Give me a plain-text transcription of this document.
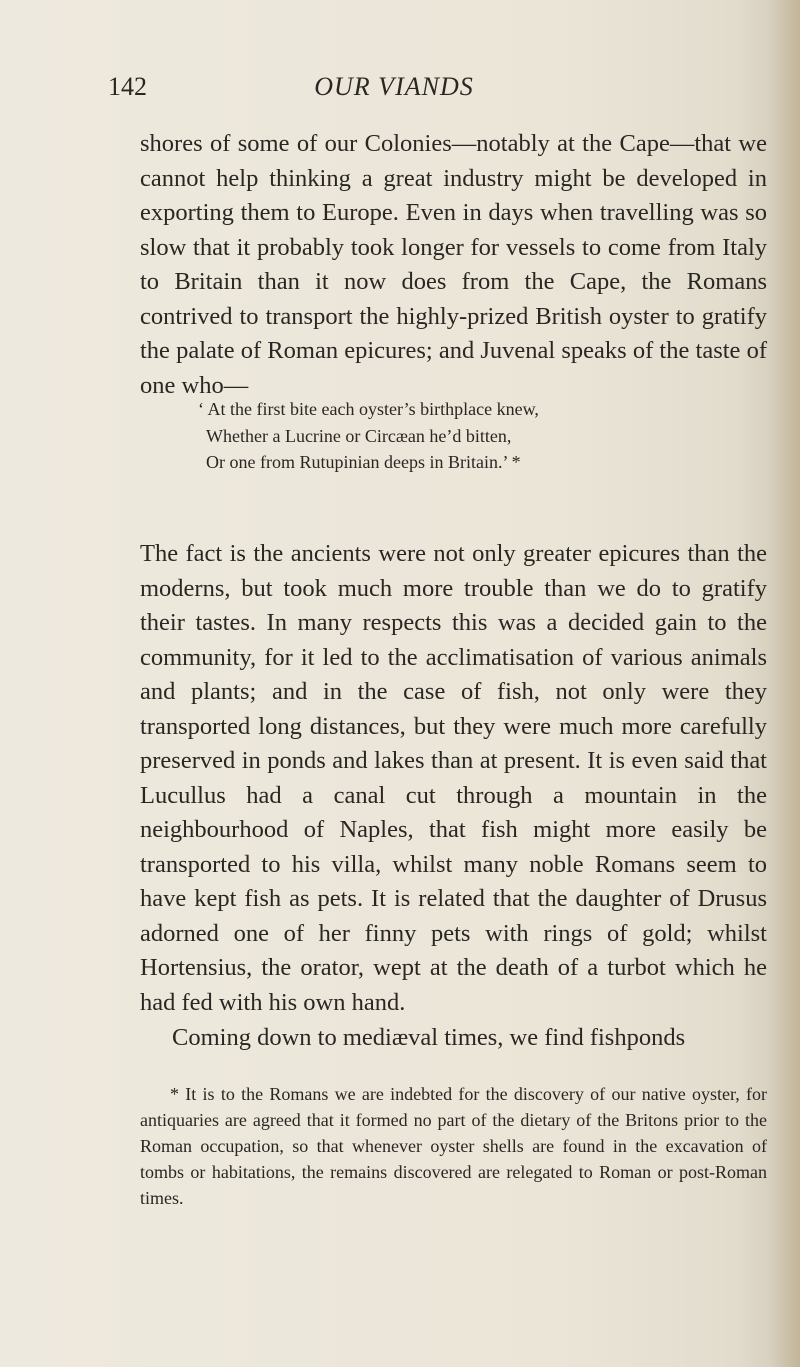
142	OUR VIANDS

shores of some of our Colonies—notably at the Cape—that we cannot help thinking a great industry might be developed in exporting them to Europe. Even in days when travelling was so slow that it probably took longer for vessels to come from Italy to Britain than it now does from the Cape, the Romans contrived to transport the highly-prized British oyster to gratify the palate of Roman epicures; and Juvenal speaks of the taste of one who—

‘ At the first bite each oyster’s birthplace knew,
Whether a Lucrine or Circæan he’d bitten,
Or one from Rutupinian deeps in Britain.’ *

The fact is the ancients were not only greater epicures than the moderns, but took much more trouble than we do to gratify their tastes. In many respects this was a decided gain to the community, for it led to the acclimatisation of various animals and plants; and in the case of fish, not only were they transported long distances, but they were much more carefully preserved in ponds and lakes than at present. It is even said that Lucullus had a canal cut through a mountain in the neighbourhood of Naples, that fish might more easily be transported to his villa, whilst many noble Romans seem to have kept fish as pets. It is related that the daughter of Drusus adorned one of her finny pets with rings of gold; whilst Hortensius, the orator, wept at the death of a turbot which he had fed with his own hand.

Coming down to mediæval times, we find fishponds

* It is to the Romans we are indebted for the discovery of our native oyster, for antiquaries are agreed that it formed no part of the dietary of the Britons prior to the Roman occupation, so that whenever oyster shells are found in the excavation of tombs or habitations, the remains discovered are relegated to Roman or post-Roman times.
